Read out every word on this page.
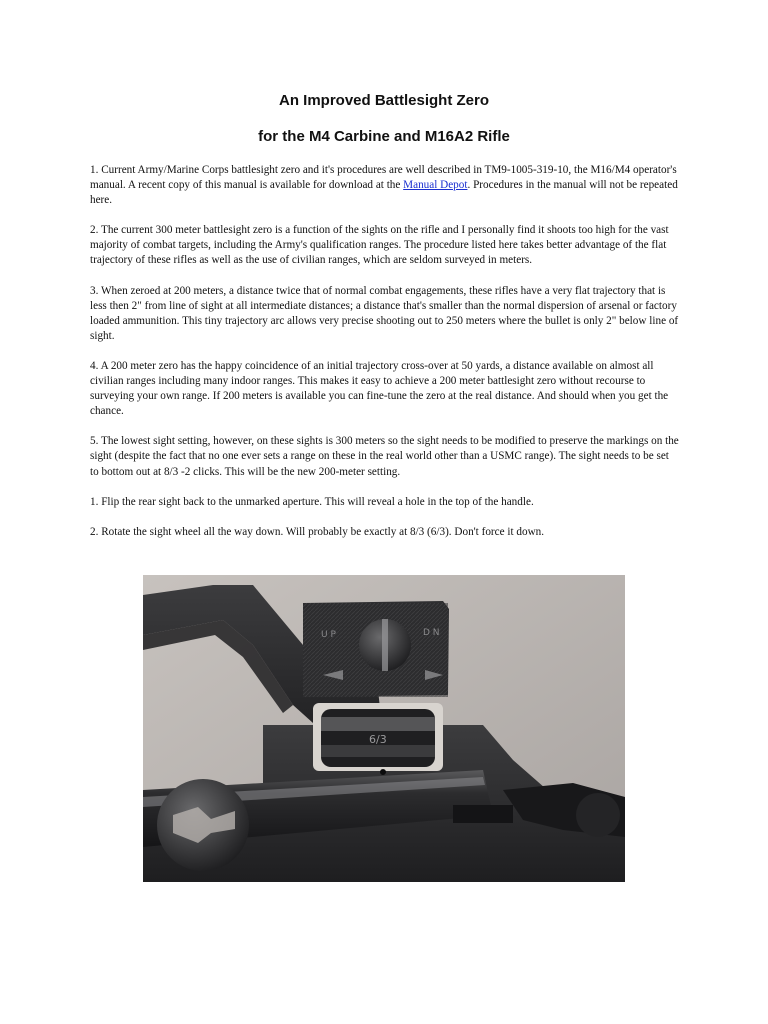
An Improved Battlesight Zero
for the M4 Carbine and M16A2 Rifle

1. Current Army/Marine Corps battlesight zero and it's procedures are well described in TM9-1005-319-10, the M16/M4 operator's manual. A recent copy of this manual is available for download at the Manual Depot. Procedures in the manual will not be repeated here.

2. The current 300 meter battlesight zero is a function of the sights on the rifle and I personally find it shoots too high for the vast majority of combat targets, including the Army's qualification ranges. The procedure listed here takes better advantage of the flat trajectory of these rifles as well as the use of civilian ranges, which are seldom surveyed in meters.

3. When zeroed at 200 meters, a distance twice that of normal combat engagements, these rifles have a very flat trajectory that is less then 2" from line of sight at all intermediate distances; a distance that's smaller than the normal dispersion of arsenal or factory loaded ammunition. This tiny trajectory arc allows very precise shooting out to 250 meters where the bullet is only 2" below line of sight.

4. A 200 meter zero has the happy coincidence of an initial trajectory cross-over at 50 yards, a distance available on almost all civilian ranges including many indoor ranges. This makes it easy to achieve a 200 meter battlesight zero without recourse to surveying your own range. If 200 meters is available you can fine-tune the zero at the real distance. And should when you get the chance.

5. The lowest sight setting, however, on these sights is 300 meters so the sight needs to be modified to preserve the markings on the sight (despite the fact that no one ever sets a range on these in the real world other than a USMC range). The sight needs to be set to bottom out at 8/3 -2 clicks. This will be the new 200-meter setting.

1. Flip the rear sight back to the unmarked aperture. This will reveal a hole in the top of the handle.

2. Rotate the sight wheel all the way down. Will probably be exactly at 8/3 (6/3). Don't force it down.

U P	D N
6/3
